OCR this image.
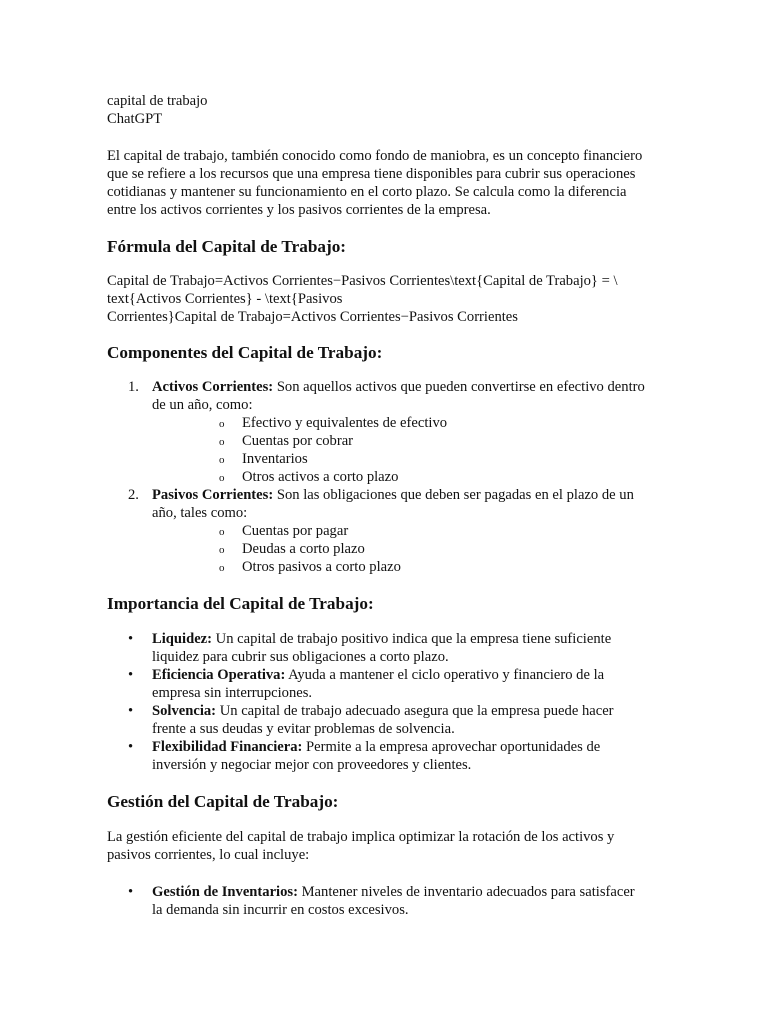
capital de trabajo
ChatGPT

El capital de trabajo, también conocido como fondo de maniobra, es un concepto financiero
que se refiere a los recursos que una empresa tiene disponibles para cubrir sus operaciones
cotidianas y mantener su funcionamiento en el corto plazo. Se calcula como la diferencia
entre los activos corrientes y los pasivos corrientes de la empresa.

Fórmula del Capital de Trabajo:

Capital de Trabajo=Activos Corrientes−Pasivos Corrientes\text{Capital de Trabajo} = \
text{Activos Corrientes} - \text{Pasivos
Corrientes}Capital de Trabajo=Activos Corrientes−Pasivos Corrientes

Componentes del Capital de Trabajo:
1. Activos Corrientes: Son aquellos activos que pueden convertirse en efectivo dentro
de un año, como:
o Efectivo y equivalentes de efectivo
o Cuentas por cobrar
o Inventarios
o Otros activos a corto plazo
2. Pasivos Corrientes: Son las obligaciones que deben ser pagadas en el plazo de un
año, tales como:
o Cuentas por pagar
o Deudas a corto plazo
o Otros pasivos a corto plazo
Importancia del Capital de Trabajo:
• Liquidez: Un capital de trabajo positivo indica que la empresa tiene suficiente
liquidez para cubrir sus obligaciones a corto plazo.
• Eficiencia Operativa: Ayuda a mantener el ciclo operativo y financiero de la
empresa sin interrupciones.
• Solvencia: Un capital de trabajo adecuado asegura que la empresa puede hacer
frente a sus deudas y evitar problemas de solvencia.
• Flexibilidad Financiera: Permite a la empresa aprovechar oportunidades de
inversión y negociar mejor con proveedores y clientes.
Gestión del Capital de Trabajo:

La gestión eficiente del capital de trabajo implica optimizar la rotación de los activos y
pasivos corrientes, lo cual incluye:

• Gestión de Inventarios: Mantener niveles de inventario adecuados para satisfacer
la demanda sin incurrir en costos excesivos.
